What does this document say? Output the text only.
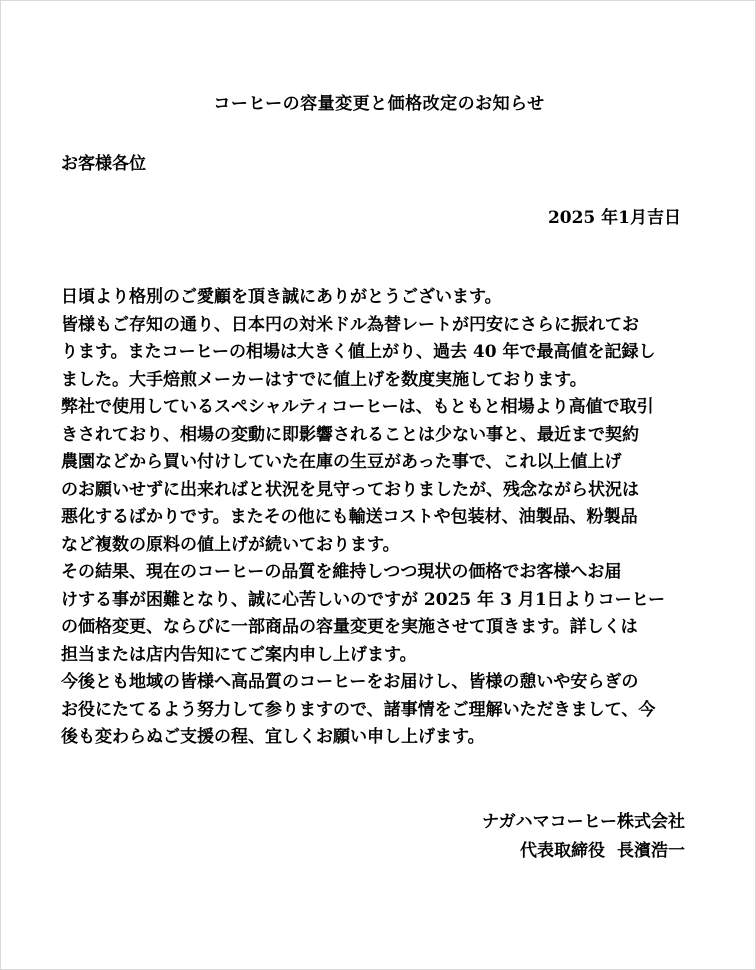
コーヒーの容量変更と価格改定のお知らせ
お客様各位
2025 年1月吉日
日頃より格別のご愛顧を頂き誠にありがとうございます。
皆様もご存知の通り、日本円の対米ドル為替レートが円安にさらに振れてお
ります。またコーヒーの相場は大きく値上がり、過去 40 年で最高値を記録し
ました。大手焙煎メーカーはすでに値上げを数度実施しております。
弊社で使用しているスペシャルティコーヒーは、もともと相場より高値で取引
きされており、相場の変動に即影響されることは少ない事と、最近まで契約
農園などから買い付けしていた在庫の生豆があった事で、これ以上値上げ
のお願いせずに出来ればと状況を見守っておりましたが、残念ながら状況は
悪化するばかりです。またその他にも輸送コストや包装材、油製品、粉製品
など複数の原料の値上げが続いております。
その結果、現在のコーヒーの品質を維持しつつ現状の価格でお客様へお届
けする事が困難となり、誠に心苦しいのですが 2025 年 3 月1日よりコーヒー
の価格変更、ならびに一部商品の容量変更を実施させて頂きます。詳しくは
担当または店内告知にてご案内申し上げます。
今後とも地域の皆様へ高品質のコーヒーをお届けし、皆様の憩いや安らぎの
お役にたてるよう努力して参りますので、諸事情をご理解いただきまして、今
後も変わらぬご支援の程、宜しくお願い申し上げます。
ナガハマコーヒー株式会社
代表取締役 長濱浩一
